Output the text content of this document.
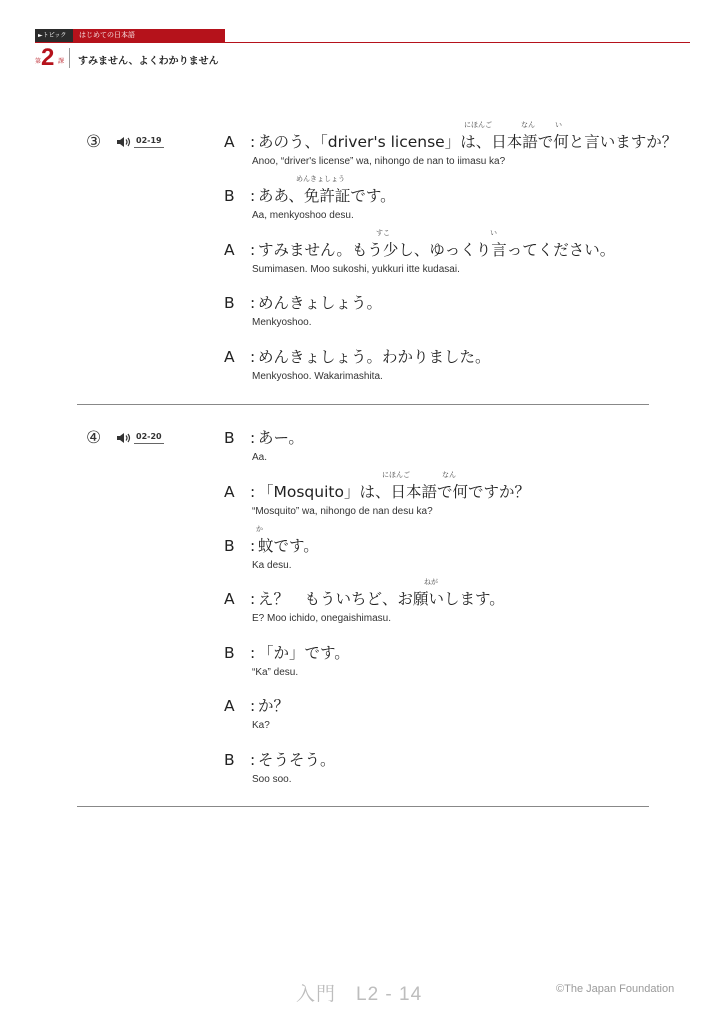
►トピック	はじめての日本語
第 2 課 すみません、よくわかりません
③	02-19
にほんご	なん	い
A : あのう、「driver's license」は、日本語で何と言いますか？
Anoo, “driver's license” wa, nihongo de nan to iimasu ka?
めんきょしょう
B : ああ、免許証です。
Aa, menkyoshoo desu.
すこ	い
A : すみません。もう少し、ゆっくり言ってください。
Sumimasen. Moo sukoshi, yukkuri itte kudasai.
B : めんきょしょう。
Menkyoshoo.
A : めんきょしょう。わかりました。
Menkyoshoo. Wakarimashita.
④	02-20	B : あー。
Aa.
にほんご	なん
A : 「Mosquito」は、日本語で何ですか？
“Mosquito” wa, nihongo de nan desu ka?
か
B : 蚊です。
Ka desu.
ねが
A : え？　もういちど、お願いします。
E? Moo ichido, onegaishimasu.
B : 「か」です。
“Ka” desu.
A : か？
Ka?
B : そうそう。
Soo soo.
入門　L2 - 14	©The Japan Foundation
